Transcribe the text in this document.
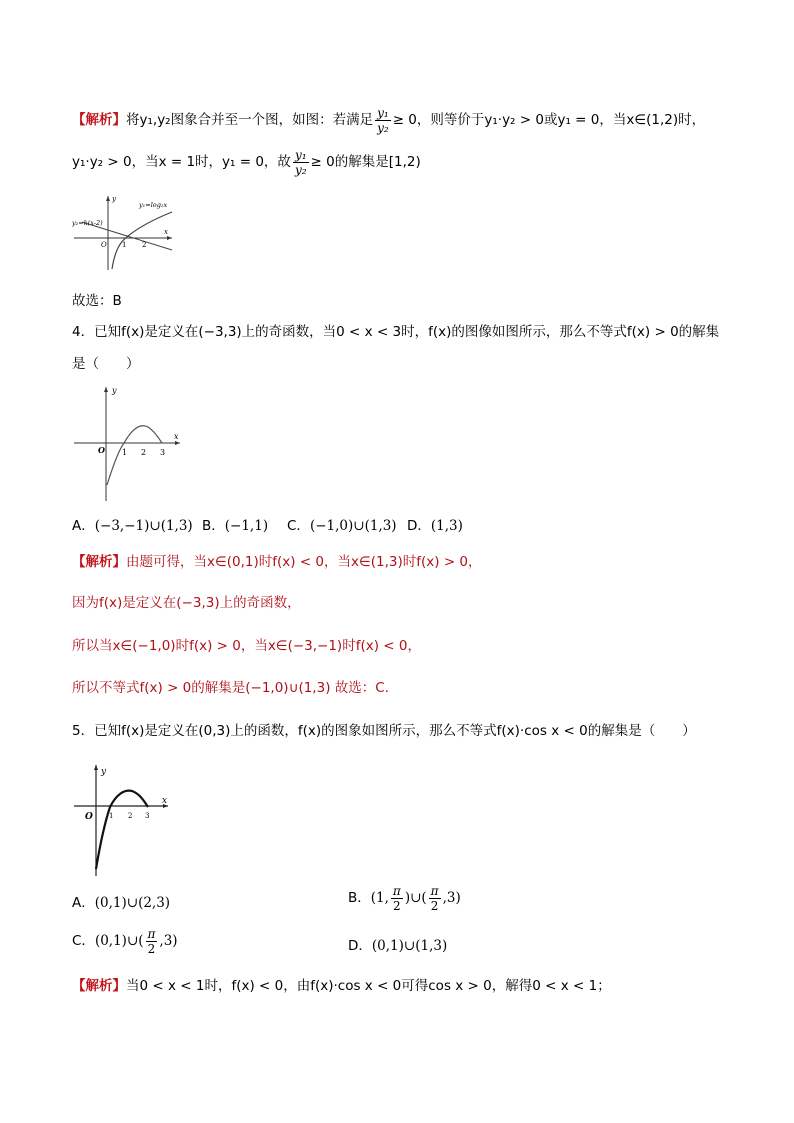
【解析】将y₁,y₂图象合并至一个图，如图：若满足 $\frac{\text{y₁}}{\text{y₂}} \ge 0$，则等价于y₁·y₂ > 0或y₁ = 0，当x∈(1,2)时，
y₁·y₂ > 0，当x = 1时，y₁ = 0，故 $\frac{\text{y₁}}{\text{y₂}} \ge 0$的解集是[1,2)
y
x
O 1 2
y₁=log₂x
y₂=k(x-2)
故选：B
4．已知f(x)是定义在(−3,3)上的奇函数，当0 < x < 3时，f(x)的图像如图所示，那么不等式f(x) > 0的解集
是（　　）
y
x
O 1 2 3
A．(−3,−1)∪(1,3) B．(−1,1) C．(−1,0)∪(1,3) D．(1,3)
【解析】由题可得，当x∈(0,1)时f(x) < 0，当x∈(1,3)时f(x) > 0，
因为f(x)是定义在(−3,3)上的奇函数，
所以当x∈(−1,0)时f(x) > 0，当x∈(−3,−1)时f(x) < 0，
所以不等式f(x) > 0的解集是(−1,0)∪(1,3) 故选：C.
5．已知f(x)是定义在(0,3)上的函数，f(x)的图象如图所示，那么不等式f(x)·cos x < 0的解集是（　　）
y
x
O 1 2 3
A．(0,1)∪(2,3)	B．(1, $\frac{\pi}{2}$ )∪( $\frac{\pi}{2} ,3$)
C．(0,1)∪( $\frac{\pi}{2} ,3$)	D．(0,1)∪(1,3)
【解析】当0 < x < 1时，f(x) < 0，由f(x)·cos x < 0可得cos x > 0，解得0 < x < 1；
